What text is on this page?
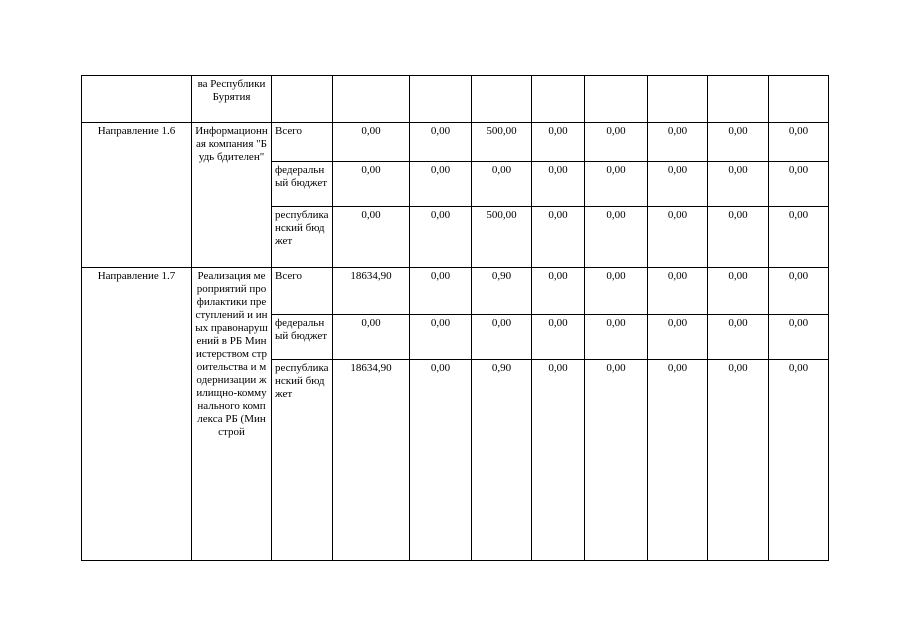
	ва Республики Бурятия									
Направление 1.6	Информационная компания "Будь бдителен"	Всего	0,00	0,00	500,00	0,00	0,00	0,00	0,00	0,00
		федеральный бюджет	0,00	0,00	0,00	0,00	0,00	0,00	0,00	0,00
		республиканский бюджет	0,00	0,00	500,00	0,00	0,00	0,00	0,00	0,00
Направление 1.7	Реализация мероприятий профилактики преступлений и иных правонарушений в РБ Министерством строительства и модернизации жилищно-коммунального комплекса РБ (Минстрой	Всего	18634,90	0,00	0,90	0,00	0,00	0,00	0,00	0,00
		федеральный бюджет	0,00	0,00	0,00	0,00	0,00	0,00	0,00	0,00
		республиканский бюджет	18634,90	0,00	0,90	0,00	0,00	0,00	0,00	0,00
